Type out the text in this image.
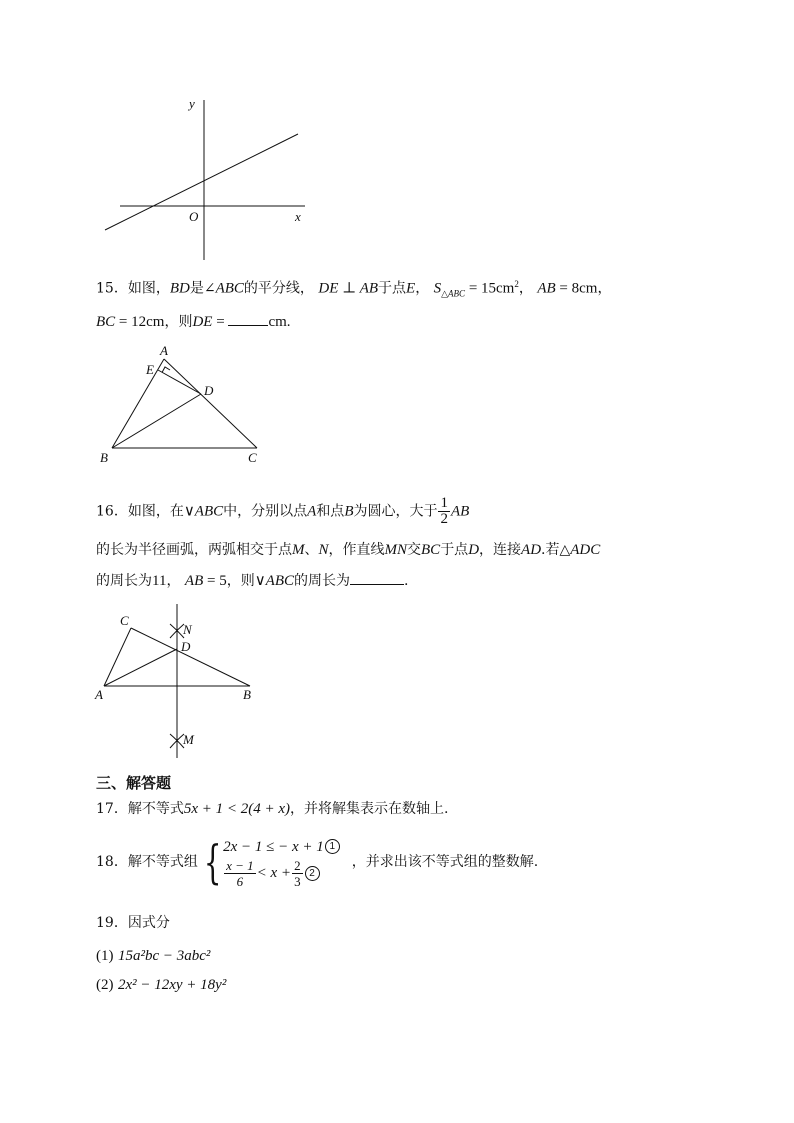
y
x
O
15．如图，BD是∠ABC的平分线， DE ⊥ AB于点E， $S_{\triangle ABC} = 15cm^2$， AB = 8cm，
BC = 12cm，则DE =	cm.
A
E
D
B	C
16．如图，在∨ABC中，分别以点A和点B为圆心，大于 $\frac{1}{2}$ AB
的长为半径画弧，两弧相交于点M、N，作直线MN交BC于点D，连接AD.若△ADC
的周长为11， AB = 5，则∨ABC的周长为	.
C
N
D
A	B
M
三、解答题
17．解不等式5x + 1 < 2(4 + x)，并将解集表示在数轴上.
18． 解不等式组 { 2x − 1 ≤ − x + 1 1
$\frac{x - 1}{6} < x + \frac{2}{3} 2$
，并求出该不等式组的整数解.
19．因式分
(1) 15a²bc − 3abc²
(2) 2x² − 12xy + 18y²
